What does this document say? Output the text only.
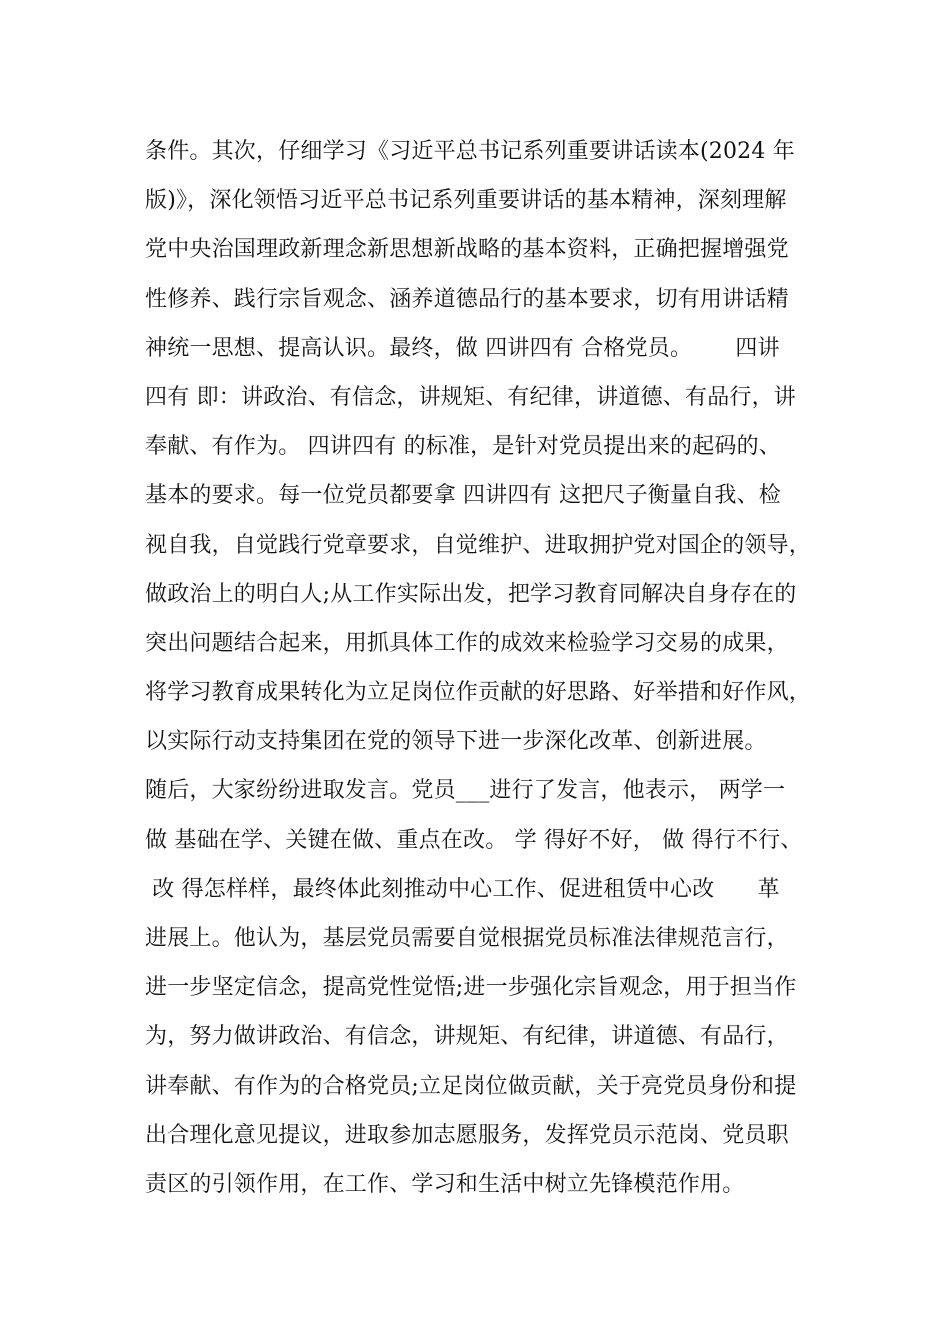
条件。其次，仔细学习《习近平总书记系列重要讲话读本(2024 年
版)》，深化领悟习近平总书记系列重要讲话的基本精神，深刻理解
党中央治国理政新理念新思想新战略的基本资料，正确把握增强党
性修养、践行宗旨观念、涵养道德品行的基本要求，切有用讲话精
神统一思想、提高认识。最终，做 四讲四有 合格党员。      四讲
四有 即：讲政治、有信念，讲规矩、有纪律，讲道德、有品行，讲
奉献、有作为。 四讲四有 的标准，是针对党员提出来的起码的、
基本的要求。每一位党员都要拿 四讲四有 这把尺子衡量自我、检
视自我，自觉践行党章要求，自觉维护、进取拥护党对国企的领导，
做政治上的明白人;从工作实际出发，把学习教育同解决自身存在的
突出问题结合起来，用抓具体工作的成效来检验学习交易的成果，
将学习教育成果转化为立足岗位作贡献的好思路、好举措和好作风，
以实际行动支持集团在党的领导下进一步深化改革、创新进展。
随后，大家纷纷进取发言。党员___进行了发言，他表示， 两学一
做 基础在学、关键在做、重点在改。 学 得好不好， 做 得行不行、
改 得怎样样，最终体此刻推动中心工作、促进租赁中心改      革
进展上。他认为，基层党员需要自觉根据党员标准法律规范言行，
进一步坚定信念，提高党性觉悟;进一步强化宗旨观念，用于担当作
为，努力做讲政治、有信念，讲规矩、有纪律，讲道德、有品行，
讲奉献、有作为的合格党员;立足岗位做贡献，关于亮党员身份和提
出合理化意见提议，进取参加志愿服务，发挥党员示范岗、党员职
责区的引领作用，在工作、学习和生活中树立先锋模范作用。
